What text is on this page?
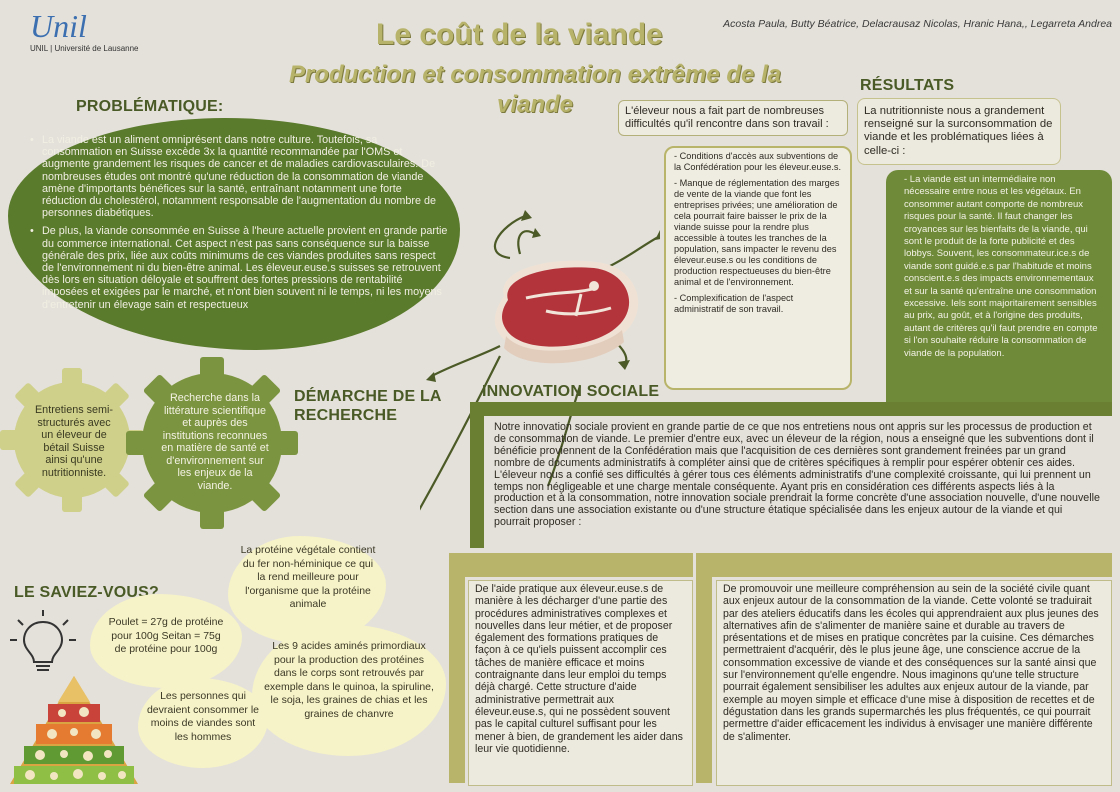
Unil
UNIL | Université de Lausanne	Le coût de la viande
Production et consommation extrême de la viande
Acosta Paula, Butty Béatrice, Delacrausaz Nicolas, Hranic Hana,, Legarreta Andrea
PROBLÉMATIQUE:
• La viande est un aliment omniprésent dans notre culture. Toutefois, sa consommation en Suisse excède 3x la quantité recommandée par l'OMS et augmente grandement les risques de cancer et de maladies cardiovasculaires. De nombreuses études ont montré qu'une réduction de la consommation de viande amène d'importants bénéfices sur la santé, entraînant notamment une forte réduction du cholestérol, notamment responsable de l'augmentation du nombre de personnes diabétiques.
• De plus, la viande consommée en Suisse à l'heure actuelle provient en grande partie du commerce international. Cet aspect n'est pas sans conséquence sur la baisse générale des prix, liée aux coûts minimums de ces viandes produites sans respect de l'environnement ni du bien-être animal. Les éleveur.euse.s suisses se retrouvent dès lors en situation déloyale et souffrent des fortes pressions de rentabilité imposées et exigées par le marché, et n'ont bien souvent ni le temps, ni les moyens d'entretenir un élevage sain et respectueux
Entretiens semi-structurés avec un éleveur de bétail Suisse ainsi qu'une nutritionniste.
Recherche dans la littérature scientifique et auprès des institutions reconnues en matière de santé et d'environnement sur les enjeux de la viande.
DÉMARCHE DE LA RECHERCHE
RÉSULTATS
L'éleveur nous a fait part de nombreuses difficultés qu'il rencontre dans son travail :

- Conditions d'accès aux subventions de la Confédération pour les éleveur.euse.s.

- Manque de réglementation des marges de vente de la viande que font les entreprises privées; une amélioration de cela pourrait faire baisser le prix de la viande suisse pour la rendre plus accessible à toutes les tranches de la population, sans impacter le revenu des éleveur.euse.s ou les conditions de production respectueuses du bien-être animal et de l'environnement.

- Complexification de l'aspect administratif de son travail.

La nutritionniste nous a grandement renseigné sur la surconsommation de viande et les problématiques liées à celle-ci :
- La viande est un intermédiaire non nécessaire entre nous et les végétaux. En consommer autant comporte de nombreux risques pour la santé. Il faut changer les croyances sur les bienfaits de la viande, qui sont le produit de la forte publicité et des lobbys. Souvent, les consommateur.ice.s de viande sont guidé.e.s par l'habitude et moins conscient.e.s des impacts environnementaux et sur la santé qu'entraîne une consommation excessive. Iels sont majoritairement sensibles au prix, au goût, et à l'origine des produits, autant de critères qu'il faut prendre en compte si l'on souhaite réduire la consommation de viande de la population.
INNOVATION SOCIALE
Notre innovation sociale provient en grande partie de ce que nos entretiens nous ont appris sur les processus de production et de consommation de viande. Le premier d'entre eux, avec un éleveur de la région, nous a enseigné que les subventions dont il bénéficie proviennent de la Confédération mais que l'acquisition de ces dernières sont grandement freinées par un grand nombre de documents administratifs à compléter ainsi que de critères spécifiques à remplir pour espérer obtenir ces aides. L'éleveur nous a confié ses difficultés à gérer tous ces éléments administratifs d'une complexité croissante, qui lui prennent un temps non négligeable et une charge mentale conséquente. Ayant pris en considération ces différents aspects liés à la production et à la consommation, notre innovation sociale prendrait la forme concrète d'une association nouvelle, d'une nouvelle section dans une association existante ou d'une structure étatique spécialisée dans les enjeux autour de la viande et qui pourrait proposer :
De l'aide pratique aux éleveur.euse.s de manière à les décharger d'une partie des procédures administratives complexes et nouvelles dans leur métier, et de proposer également des formations pratiques de façon à ce qu'iels puissent accomplir ces tâches de manière efficace et moins contraignante dans leur emploi du temps déjà chargé. Cette structure d'aide administrative permettrait aux éleveur.euse.s, qui ne possèdent souvent pas le capital culturel suffisant pour les mener à bien, de grandement les aider dans leur vie quotidienne.
De promouvoir une meilleure compréhension au sein de la société civile quant aux enjeux autour de la consommation de la viande. Cette volonté se traduirait par des ateliers éducatifs dans les écoles qui apprendraient aux plus jeunes des alternatives afin de s'alimenter de manière saine et durable au travers de présentations et de mises en pratique concrètes par la cuisine. Ces démarches permettraient d'acquérir, dès le plus jeune âge, une conscience accrue de la consommation excessive de viande et des conséquences sur la santé ainsi que sur l'environnement qu'elle engendre. Nous imaginons qu'une telle structure pourrait également sensibiliser les adultes aux enjeux autour de la viande, par exemple au moyen simple et efficace d'une mise à disposition de recettes et de dégustation dans les grands supermarchés les plus fréquentés, ce qui pourrait permettre d'aider efficacement les individus à envisager une manière différente de s'alimenter.
LE SAVIEZ-VOUS?
La protéine végétale contient du fer non-héminique ce qui la rend meilleure pour l'organisme que la protéine animale
Poulet = 27g de protéine pour 100g Seitan = 75g de protéine pour 100g	Les 9 acides aminés primordiaux pour la production des protéines dans le corps sont retrouvés par exemple dans le quinoa, la spiruline, le soja, les graines de chias et les graines de chanvre
Les personnes qui devraient consommer le moins de viandes sont les hommes
